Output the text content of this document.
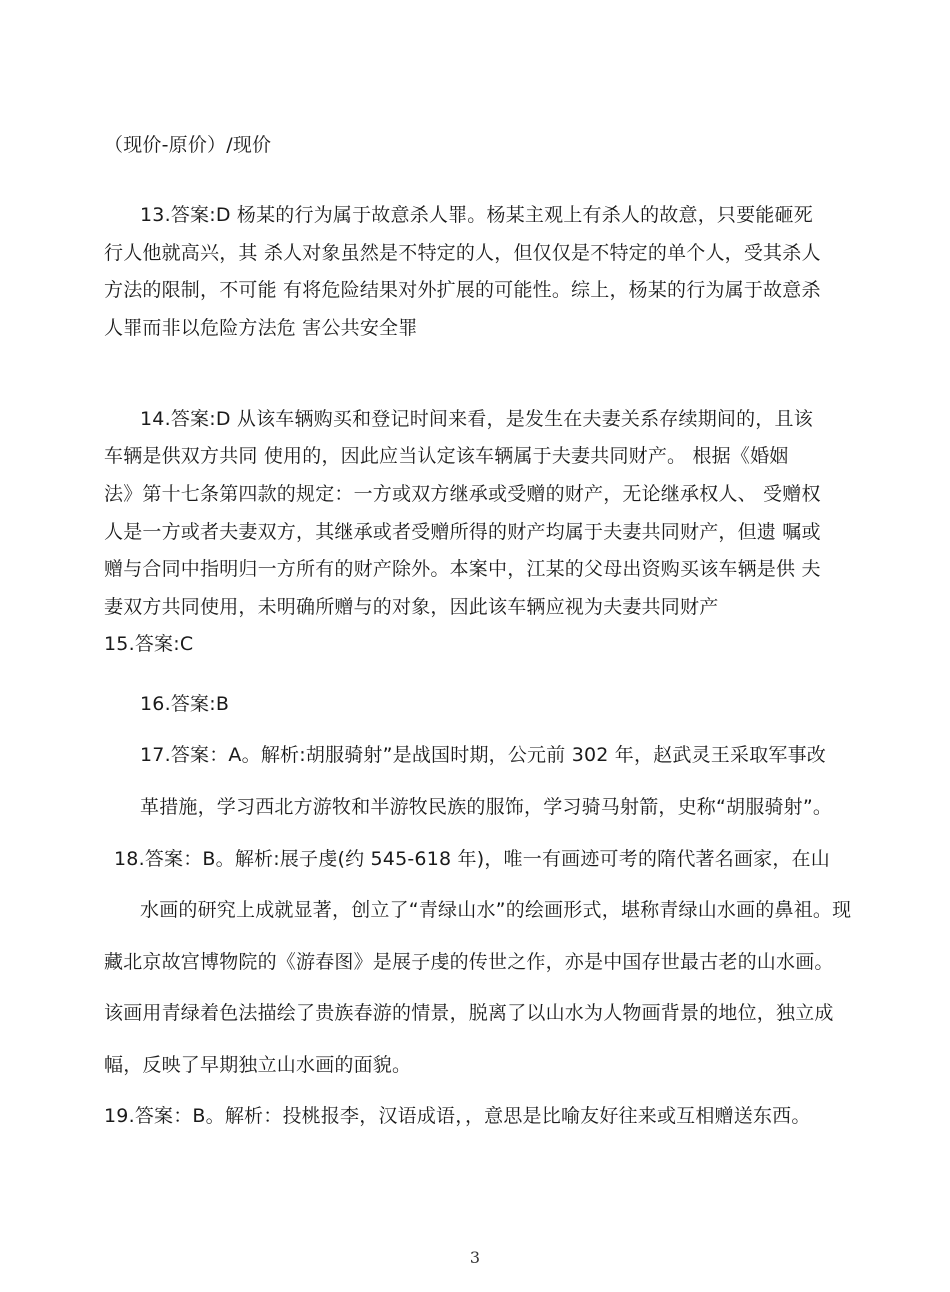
（现价-原价）/现价
13.答案:D 杨某的行为属于故意杀人罪。杨某主观上有杀人的故意，只要能砸死
行人他就高兴，其 杀人对象虽然是不特定的人，但仅仅是不特定的单个人，受其杀人
方法的限制，不可能 有将危险结果对外扩展的可能性。综上，杨某的行为属于故意杀
人罪而非以危险方法危 害公共安全罪
14.答案:D 从该车辆购买和登记时间来看，是发生在夫妻关系存续期间的，且该
车辆是供双方共同 使用的，因此应当认定该车辆属于夫妻共同财产。 根据《婚姻
法》第十七条第四款的规定：一方或双方继承或受赠的财产，无论继承权人、 受赠权
人是一方或者夫妻双方，其继承或者受赠所得的财产均属于夫妻共同财产，但遗 嘱或
赠与合同中指明归一方所有的财产除外。本案中，江某的父母出资购买该车辆是供 夫
妻双方共同使用，未明确所赠与的对象，因此该车辆应视为夫妻共同财产
15.答案:C
16.答案:B
17.答案：A。解析:胡服骑射”是战国时期，公元前 302 年，赵武灵王采取军事改
革措施，学习西北方游牧和半游牧民族的服饰，学习骑马射箭，史称“胡服骑射”。
18.答案：B。解析:展子虔(约 545-618 年)，唯一有画迹可考的隋代著名画家，在山
水画的研究上成就显著，创立了“青绿山水”的绘画形式，堪称青绿山水画的鼻祖。现
藏北京故宫博物院的《游春图》是展子虔的传世之作，亦是中国存世最古老的山水画。
该画用青绿着色法描绘了贵族春游的情景，脱离了以山水为人物画背景的地位，独立成
幅，反映了早期独立山水画的面貌。
19.答案：B。解析：投桃报李，汉语成语，，意思是比喻友好往来或互相赠送东西。
3
